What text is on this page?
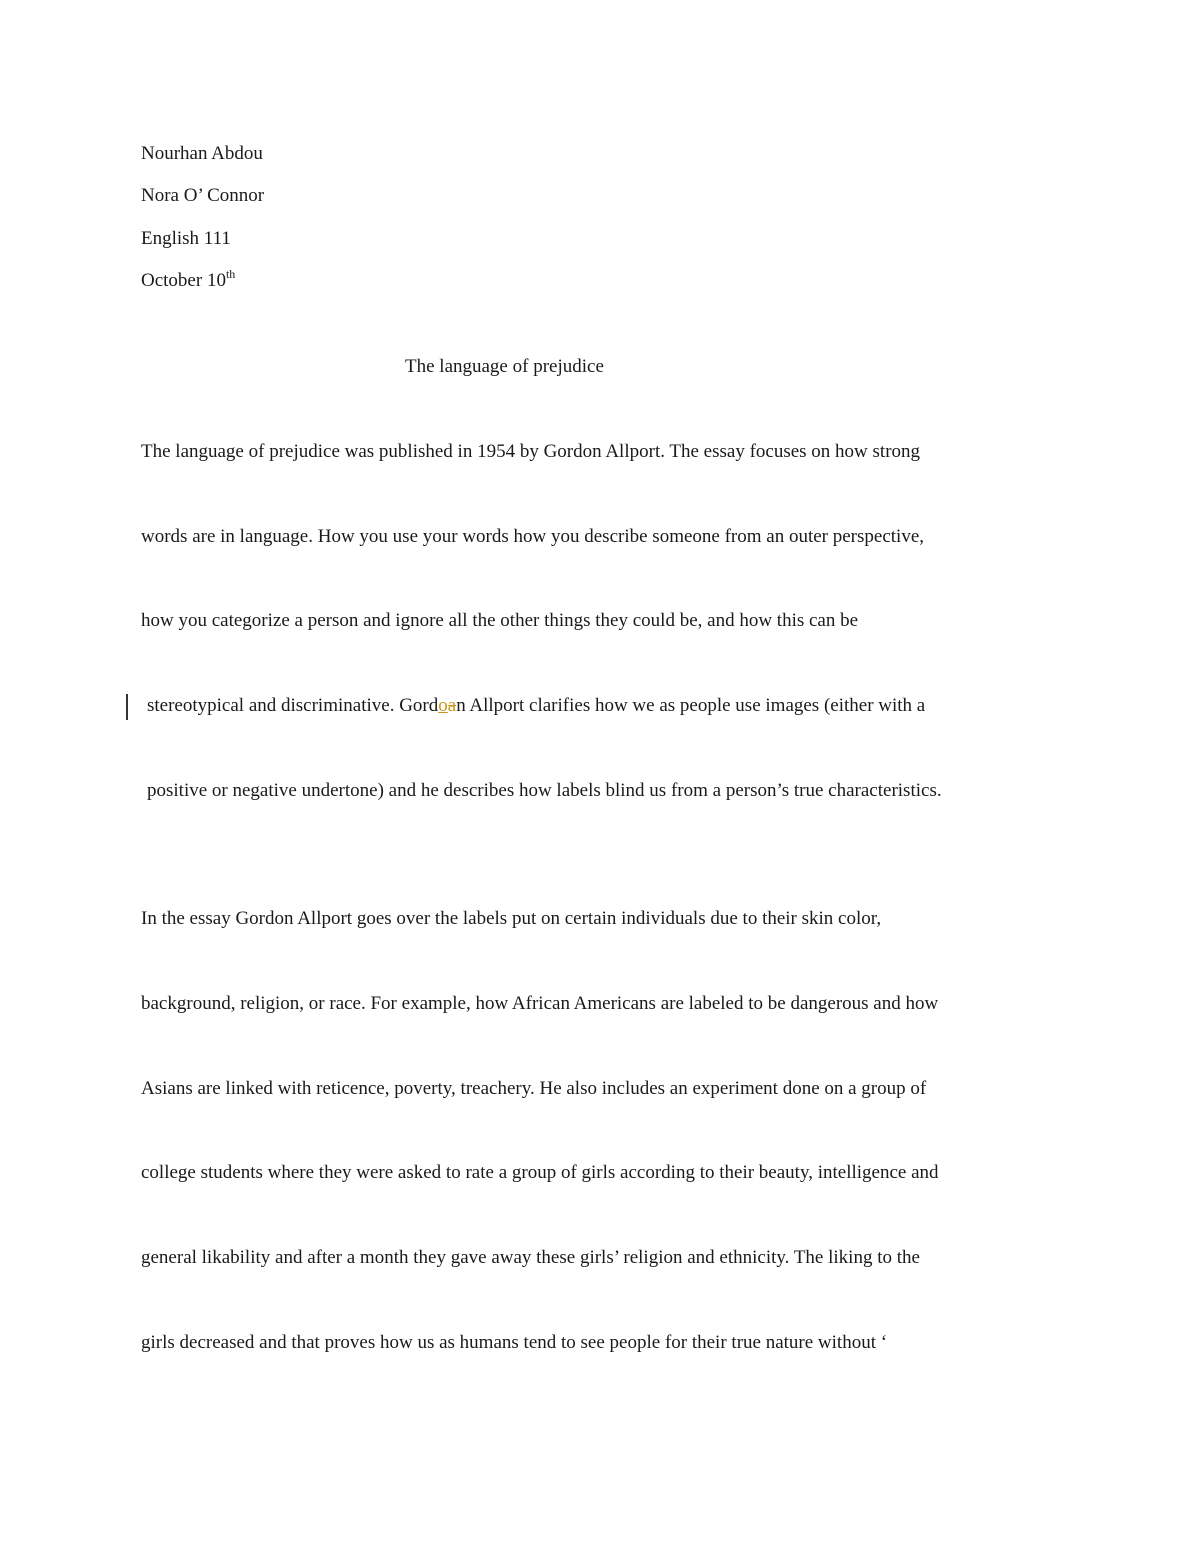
Nourhan Abdou
Nora O’ Connor
English 111
October 10th
The language of prejudice
The language of prejudice was published in 1954 by Gordon Allport. The essay focuses on how strong
words are in language. How you use your words how you describe someone from an outer perspective,
how you categorize a person and ignore all the other things they could be, and how this can be
stereotypical and discriminative. Gordoan Allport clarifies how we as people use images (either with a
positive or negative undertone) and he describes how labels blind us from a person’s true characteristics.
In the essay Gordon Allport goes over the labels put on certain individuals due to their skin color,
background, religion, or race. For example, how African Americans are labeled to be dangerous and how
Asians are linked with reticence, poverty, treachery. He also includes an experiment done on a group of
college students where they were asked to rate a group of girls according to their beauty, intelligence and
general likability and after a month they gave away these girls’ religion and ethnicity. The liking to the
girls decreased and that proves how us as humans tend to see people for their true nature without ‘
